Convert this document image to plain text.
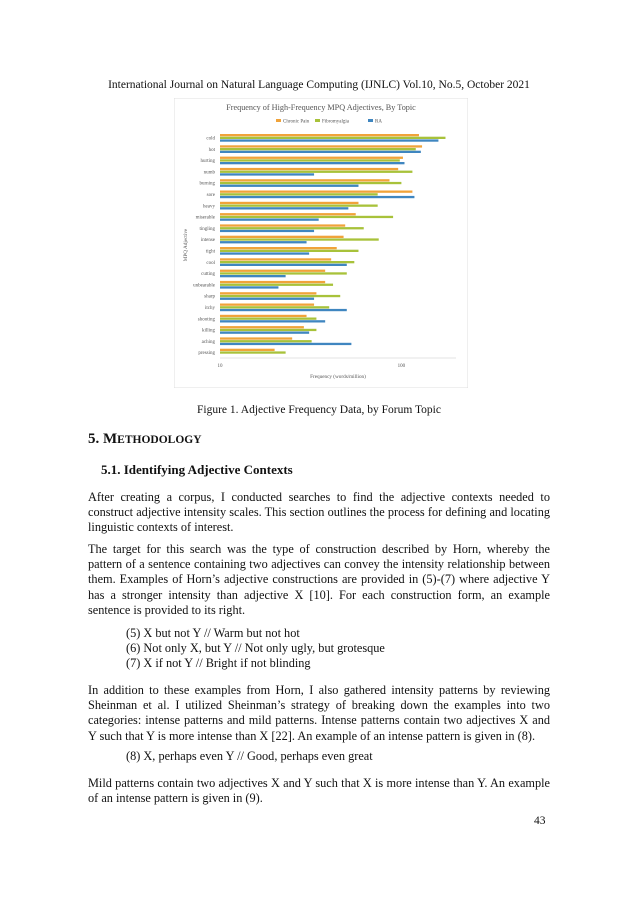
International Journal on Natural Language Computing (IJNLC) Vol.10, No.5, October 2021
Frequency of High-Frequency MPQ Adjectives, By Topic
Chronic Pain	Fibromyalgia	RA
10	100
Frequency (words/million)
MPQ Adjective
cold
hot
hurting
numb
burning
sore
heavy
miserable
tingling
intense
tight
cool
cutting
unbearable
sharp
itchy
shooting
killing
aching
pressing
Figure 1. Adjective Frequency Data, by Forum Topic
5. METHODOLOGY
5.1. Identifying Adjective Contexts

After creating a corpus, I conducted searches to find the adjective contexts needed to construct adjective intensity scales. This section outlines the process for defining and locating linguistic contexts of interest.

The target for this search was the type of construction described by Horn, whereby the pattern of a sentence containing two adjectives can convey the intensity relationship between them. Examples of Horn’s adjective constructions are provided in (5)-(7) where adjective Y has a stronger intensity than adjective X [10]. For each construction form, an example sentence is provided to its right.

(5) X but not Y // Warm but not hot

(6) Not only X, but Y // Not only ugly, but grotesque

(7) X if not Y // Bright if not blinding

In addition to these examples from Horn, I also gathered intensity patterns by reviewing Sheinman et al. I utilized Sheinman’s strategy of breaking down the examples into two categories: intense patterns and mild patterns. Intense patterns contain two adjectives X and Y such that Y is more intense than X [22]. An example of an intense pattern is given in (8).

(8) X, perhaps even Y // Good, perhaps even great

Mild patterns contain two adjectives X and Y such that X is more intense than Y. An example of an intense pattern is given in (9).

43
